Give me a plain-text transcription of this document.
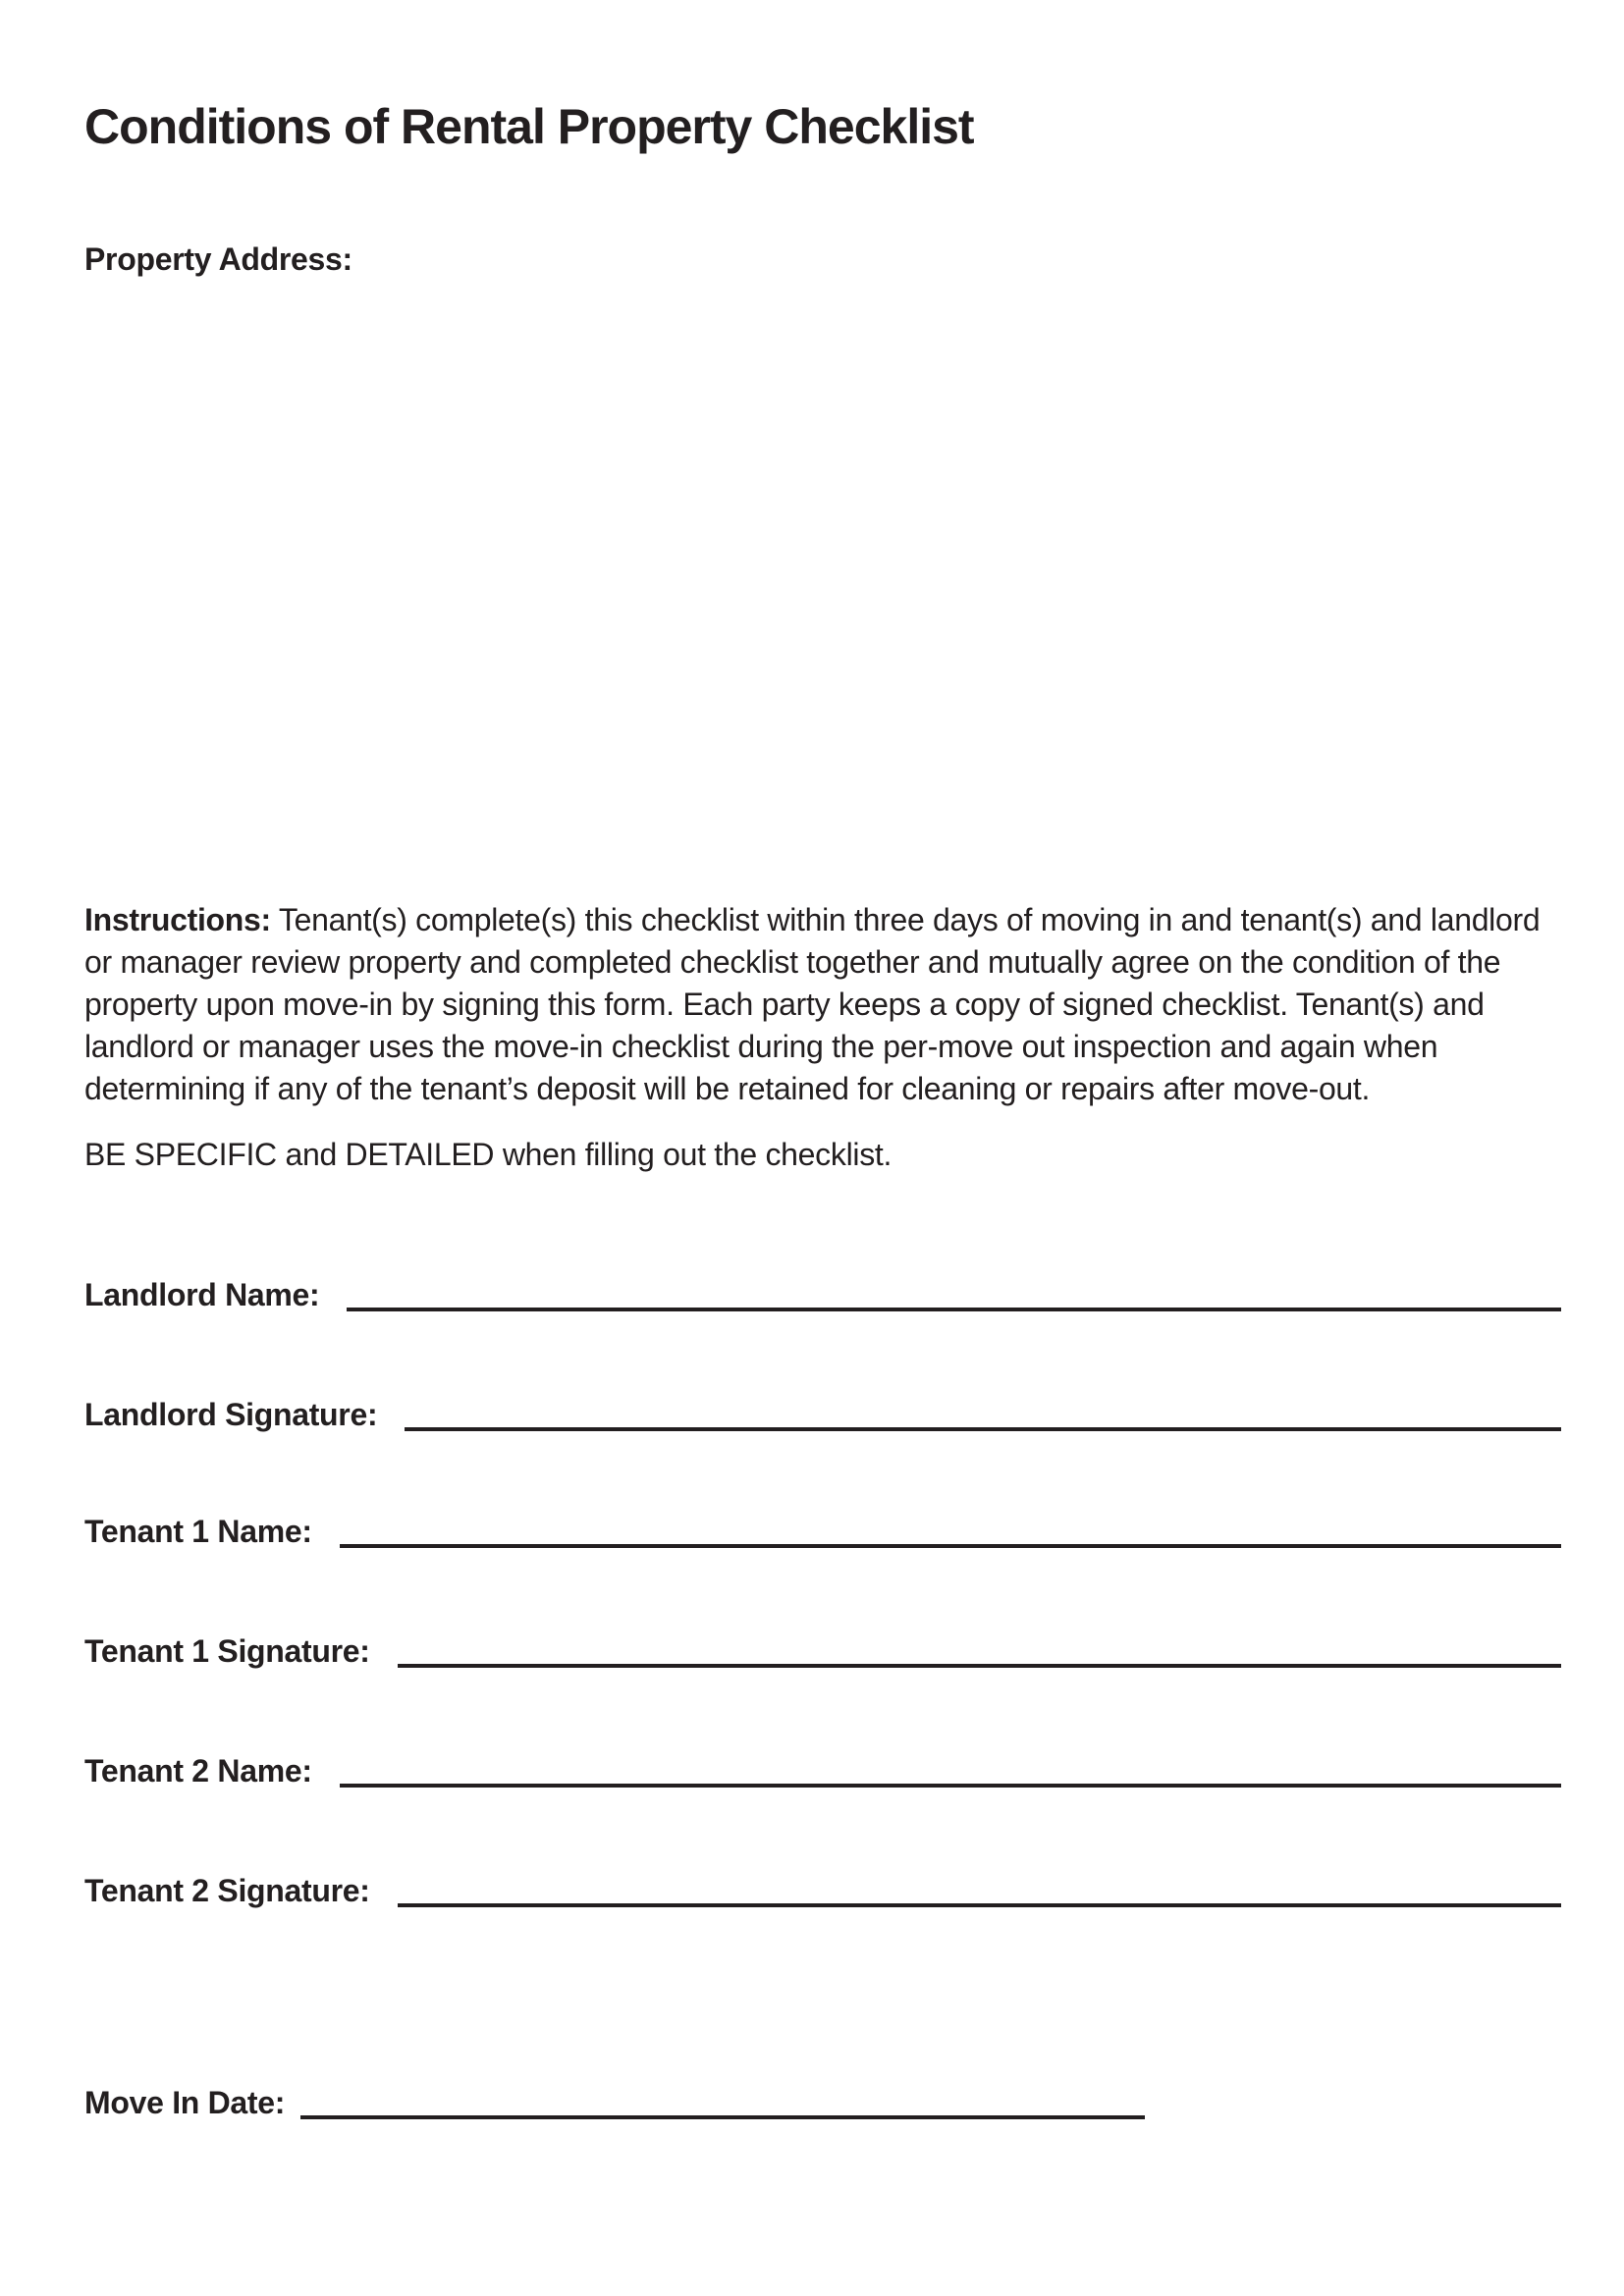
Conditions of Rental Property Checklist
Property Address:

Instructions: Tenant(s) complete(s) this checklist within three days of moving in and tenant(s) and landlord or manager review property and completed checklist together and mutually agree on the condition of the property upon move-in by signing this form. Each party keeps a copy of signed checklist. Tenant(s) and landlord or manager uses the move-in checklist during the per-move out inspection and again when determining if any of the tenant’s deposit will be retained for cleaning or repairs after move-out.

BE SPECIFIC and DETAILED when filling out the checklist.

Landlord Name:
Landlord Signature:
Tenant 1 Name:
Tenant 1 Signature:
Tenant 2 Name:
Tenant 2 Signature:
Move In Date:
